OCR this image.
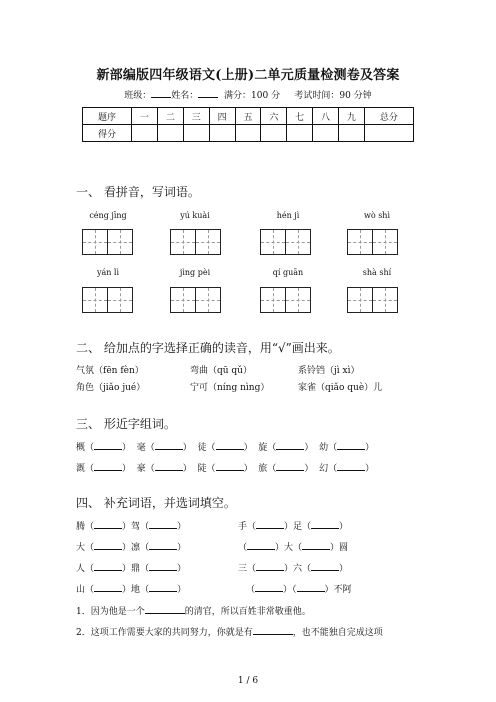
新部编版四年级语文(上册)二单元质量检测卷及答案
班级： 姓名：	满分：100 分 考试时间：90 分钟
题序	一	二	三	四	五	六	七	八	九	总分
得分										
一、 看拼音，写词语。
céng jīng	yú kuài	hén jì	wò shì
yán lì	jìng pèi	qí guān	shà shí
二、 给加点的字选择正确的读音，用“√”画出来。
气氛（fēn fèn）	弯曲（qū qǔ）	系铃铛（jì xì）
角色（jiǎo jué）	宁可（níng nìng）	家雀（qiǎo què）儿
三、 形近字组词。
概（	）  毫（	）  徒（	）  旋（	）  幼（	）
溉（	）  豪（	）  陡（	）  旅（	）  幻（	）
四、 补充词语，并选词填空。
腾（	）驾（	）
大（	）凛（	）
人（	）鼎（	）
山（	）地（	）
手（	）足（	）
（	）大（	）圆
三（	）六（	）
（	）（	）不阿
1．因为他是一个	的清官，所以百姓非常敬重他。
2．这项工作需要大家的共同努力，你就是有	，也不能独自完成这项
1 / 6
